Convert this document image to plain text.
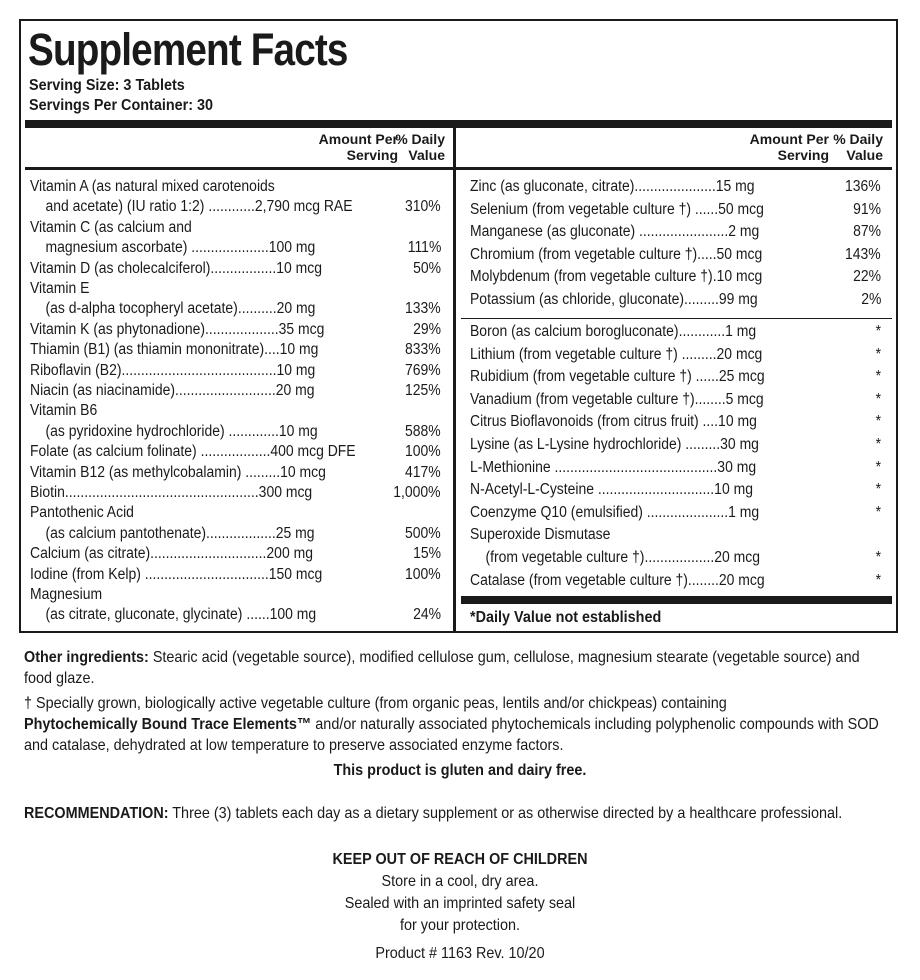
Supplement Facts
Serving Size: 3 Tablets
Servings Per Container: 30
Amount Per
Serving
% Daily
Value
Amount Per
Serving
% Daily
Value
Vitamin A (as natural mixed carotenoids
and acetate) (IU ratio 1:2) ............2,790 mcg RAE	310%
Vitamin C (as calcium and
magnesium ascorbate) ....................100 mg	111%
Vitamin D (as cholecalciferol).................10 mcg	50%
Vitamin E
(as d-alpha tocopheryl acetate)..........20 mg	133%
Vitamin K (as phytonadione)...................35 mcg	29%
Thiamin (B1) (as thiamin mononitrate)....10 mg	833%
Riboflavin (B2)........................................10 mg	769%
Niacin (as niacinamide)..........................20 mg	125%
Vitamin B6
(as pyridoxine hydrochloride) .............10 mg	588%
Folate (as calcium folinate) ..................400 mcg DFE	100%
Vitamin B12 (as methylcobalamin) .........10 mcg	417%
Biotin..................................................300 mcg	1,000%
Pantothenic Acid
(as calcium pantothenate)..................25 mg	500%
Calcium (as citrate)..............................200 mg	15%
Iodine (from Kelp) ................................150 mcg	100%
Magnesium
(as citrate, gluconate, glycinate) ......100 mg	24%
Zinc (as gluconate, citrate).....................15 mg	136%
Selenium (from vegetable culture †) ......50 mcg	91%
Manganese (as gluconate) .......................2 mg	87%
Chromium (from vegetable culture †).....50 mcg	143%
Molybdenum (from vegetable culture †).10 mcg	22%
Potassium (as chloride, gluconate).........99 mg	2%
Boron (as calcium borogluconate)............1 mg	*
Lithium (from vegetable culture †) .........20 mcg	*
Rubidium (from vegetable culture †) ......25 mcg	*
Vanadium (from vegetable culture †)........5 mcg	*
Citrus Bioflavonoids (from citrus fruit) ....10 mg	*
Lysine (as L-Lysine hydrochloride) .........30 mg	*
L-Methionine ..........................................30 mg	*
N-Acetyl-L-Cysteine ..............................10 mg	*
Coenzyme Q10 (emulsified) .....................1 mg	*
Superoxide Dismutase
(from vegetable culture †)..................20 mcg	*
Catalase (from vegetable culture †)........20 mcg	*
*Daily Value not established
Other ingredients: Stearic acid (vegetable source), modified cellulose gum, cellulose, magnesium stearate (vegetable source) and food glaze.
† Specially grown, biologically active vegetable culture (from organic peas, lentils and/or chickpeas) containing
Phytochemically Bound Trace Elements™ and/or naturally associated phytochemicals including polyphenolic compounds with SOD and catalase, dehydrated at low temperature to preserve associated enzyme factors.
This product is gluten and dairy free.
RECOMMENDATION: Three (3) tablets each day as a dietary supplement or as otherwise directed by a healthcare professional.
KEEP OUT OF REACH OF CHILDREN
Store in a cool, dry area.
Sealed with an imprinted safety seal
for your protection.
Product # 1163 Rev. 10/20
